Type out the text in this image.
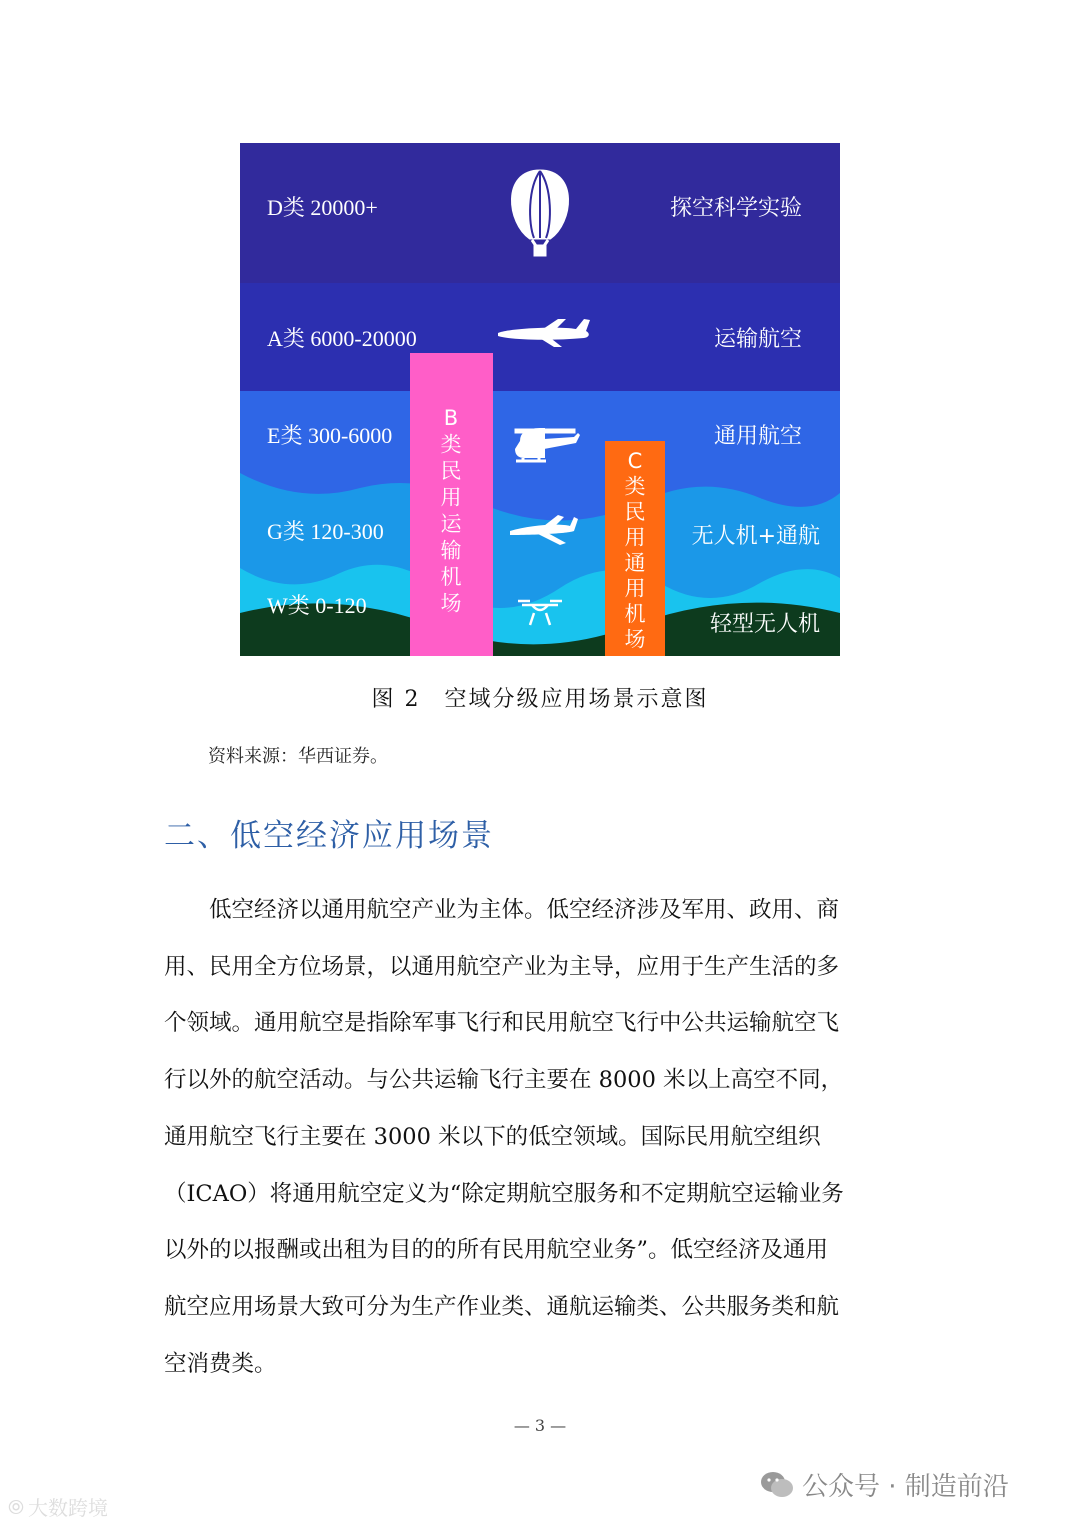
D类 20000+
A类 6000-20000
E类 300-6000
G类 120-300
W类 0-120
探空科学实验
运输航空
通用航空
无人机+通航
轻型无人机
B
类
民
用
运
输
机
场
C
类
民
用
通
用
机
场
图 2　空域分级应用场景示意图
资料来源：华西证券。
二、低空经济应用场景
　　低空经济以通用航空产业为主体。低空经济涉及军用、政用、商
用、民用全方位场景，以通用航空产业为主导，应用于生产生活的多
个领域。通用航空是指除军事飞行和民用航空飞行中公共运输航空飞
行以外的航空活动。与公共运输飞行主要在 8000 米以上高空不同，
通用航空飞行主要在 3000 米以下的低空领域。国际民用航空组织
（ICAO）将通用航空定义为“除定期航空服务和不定期航空运输业务
以外的以报酬或出租为目的的所有民用航空业务”。低空经济及通用
航空应用场景大致可分为生产作业类、通航运输类、公共服务类和航
空消费类。
— 3 —
公众号 · 制造前沿
⦾ 大数跨境
